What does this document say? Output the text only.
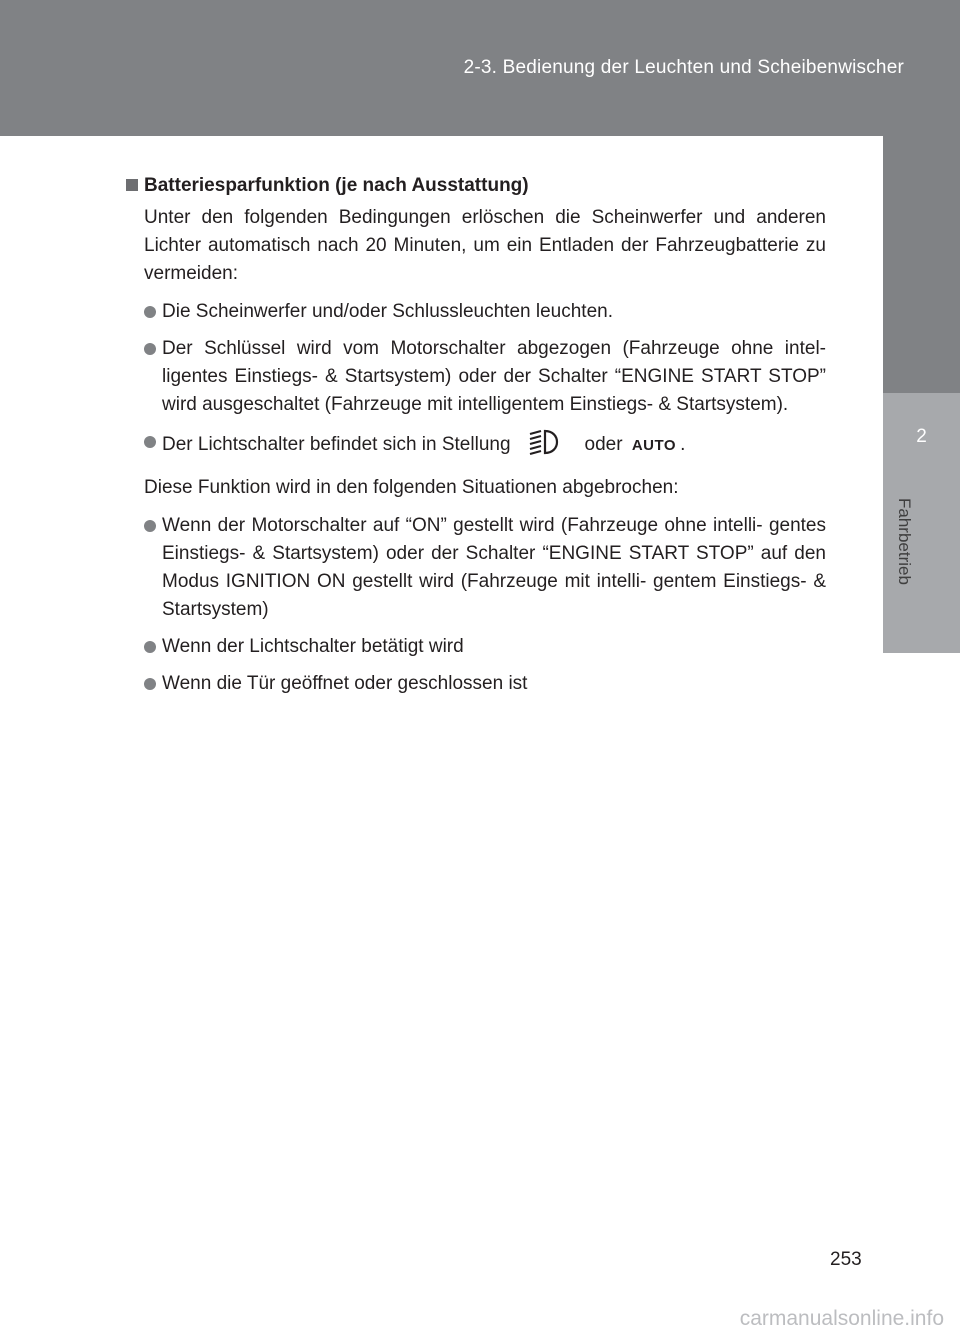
2-3. Bedienung der Leuchten und Scheibenwischer
2
Fahrbetrieb
Batteriesparfunktion (je nach Ausstattung)
Unter den folgenden Bedingungen erlöschen die Scheinwerfer und anderen Lichter automatisch nach 20 Minuten, um ein Entladen der Fahrzeugbatterie zu vermeiden:
Die Scheinwerfer und/oder Schlussleuchten leuchten.
Der Schlüssel wird vom Motorschalter abgezogen (Fahrzeuge ohne intel- ligentes Einstiegs- & Startsystem) oder der Schalter “ENGINE START STOP” wird ausgeschaltet (Fahrzeuge mit intelligentem Einstiegs- & Startsystem).
Der Lichtschalter befindet sich in Stellung	oder AUTO .
Diese Funktion wird in den folgenden Situationen abgebrochen:
Wenn der Motorschalter auf “ON” gestellt wird (Fahrzeuge ohne intelli- gentes Einstiegs- & Startsystem) oder der Schalter “ENGINE START STOP” auf den Modus IGNITION ON gestellt wird (Fahrzeuge mit intelli- gentem Einstiegs- & Startsystem)
Wenn der Lichtschalter betätigt wird
Wenn die Tür geöffnet oder geschlossen ist
253
carmanualsonline.info
